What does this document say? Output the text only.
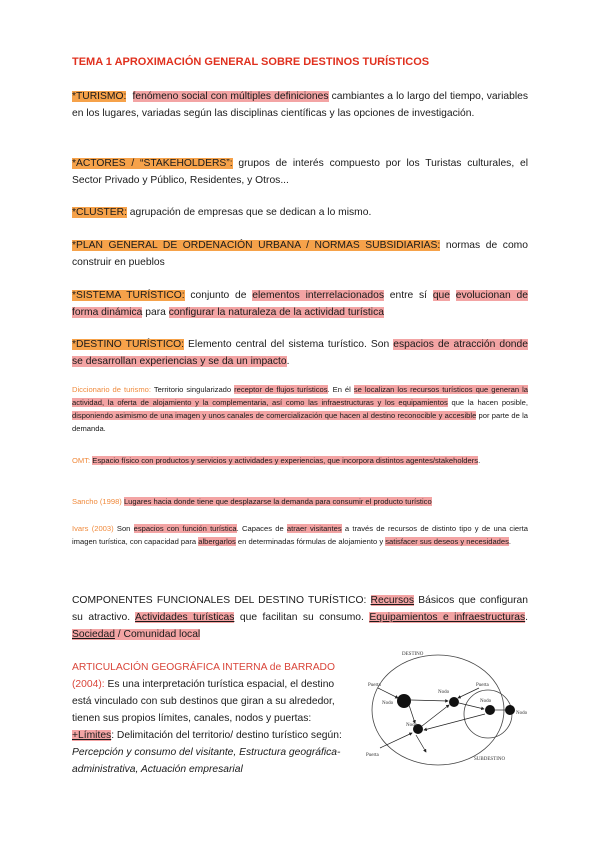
TEMA 1 APROXIMACIÓN GENERAL SOBRE DESTINOS TURÍSTICOS
*TURISMO: fenómeno social con múltiples definiciones cambiantes a lo largo del tiempo, variables en los lugares, variadas según las disciplinas científicas y las opciones de investigación.
*ACTORES / “STAKEHOLDERS”: grupos de interés compuesto por los Turistas culturales, el Sector Privado y Público, Residentes, y Otros...
*CLUSTER: agrupación de empresas que se dedican a lo mismo.
*PLAN GENERAL DE ORDENACIÓN URBANA / NORMAS SUBSIDIARIAS: normas de como construir en pueblos
*SISTEMA TURÍSTICO: conjunto de elementos interrelacionados entre sí que evolucionan de forma dinámica para configurar la naturaleza de la actividad turística
*DESTINO TURÍSTICO: Elemento central del sistema turístico. Son espacios de atracción donde se desarrollan experiencias y se da un impacto.
Diccionario de turismo: Territorio singularizado receptor de flujos turísticos. En él se localizan los recursos turísticos que generan la actividad, la oferta de alojamiento y la complementaria, así como las infraestructuras y los equipamientos que la hacen posible, disponiendo asimismo de una imagen y unos canales de comercialización que hacen al destino reconocible y accesible por parte de la demanda.
OMT: Espacio físico con productos y servicios y actividades y experiencias, que incorpora distintos agentes/stakeholders.
Sancho (1998) Lugares hacia donde tiene que desplazarse la demanda para consumir el producto turístico
Ivars (2003) Son espacios con función turística. Capaces de atraer visitantes a través de recursos de distinto tipo y de una cierta imagen turística, con capacidad para albergarlos en determinadas fórmulas de alojamiento y satisfacer sus deseos y necesidades.
COMPONENTES FUNCIONALES DEL DESTINO TURÍSTICO: Recursos Básicos que configuran su atractivo. Actividades turísticas que facilitan su consumo. Equipamientos e infraestructuras. Sociedad / Comunidad local
ARTICULACIÓN GEOGRÁFICA INTERNA de BARRADO (2004): Es una interpretación turística espacial, el destino está vinculado con sub destinos que giran a su alrededor, tienen sus propios límites, canales, nodos y puertas:
+Límites: Delimitación del territorio/ destino turístico según: Percepción y consumo del visitante, Estructura geográfica-administrativa, Actuación empresarial
DESTINO
SUBDESTINO
Puerta
Puerta
Puerta
Nodo
Nodo
Nodo
Nodo
Nodo
